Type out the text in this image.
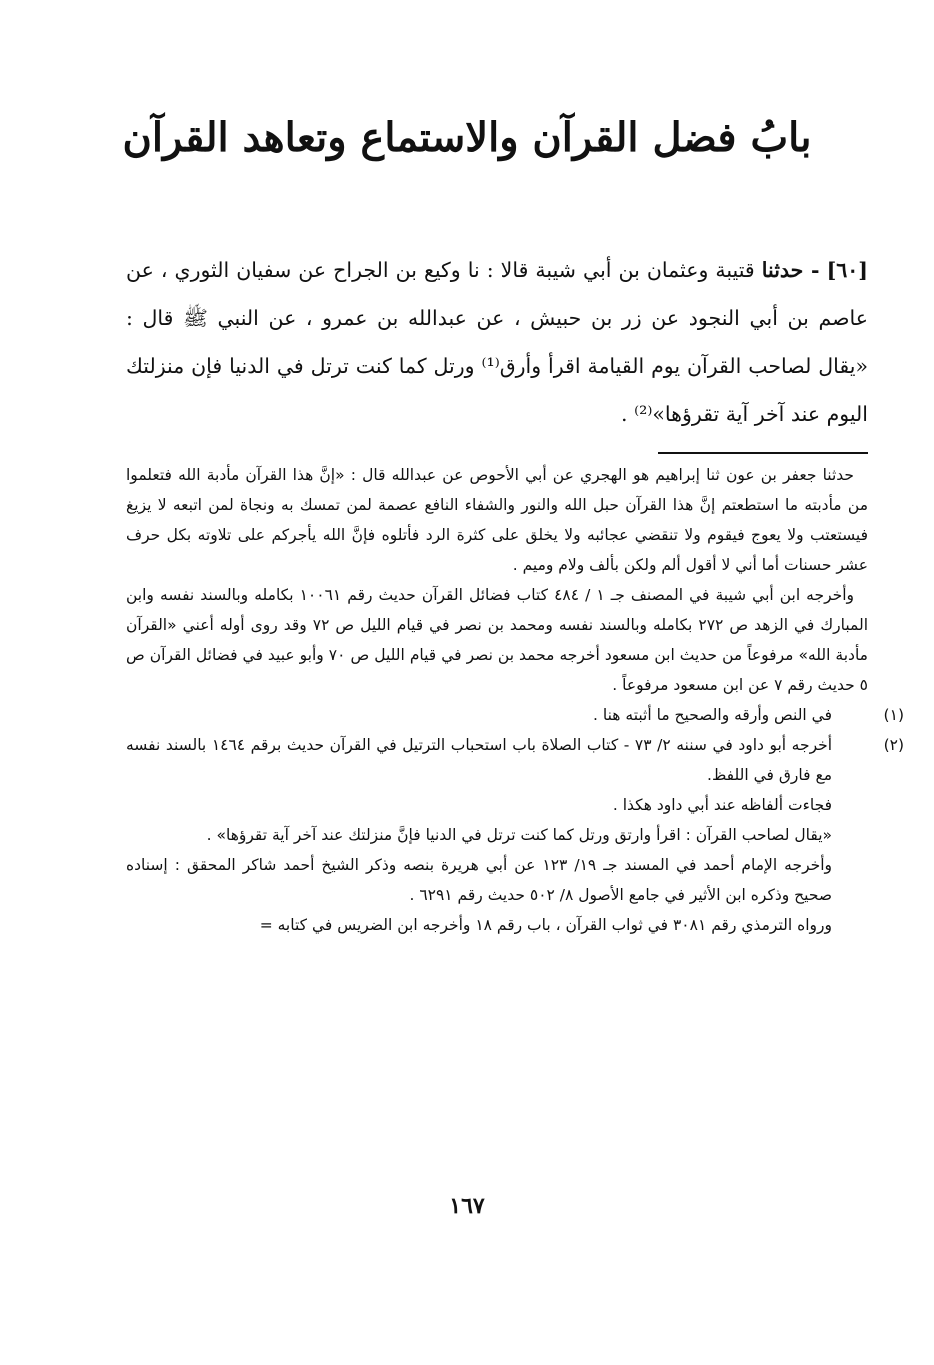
بابُ فضل القرآن والاستماع وتعاهد القرآن
[٦٠] - حدثنا قتيبة وعثمان بن أبي شيبة قالا : نا وكيع بن الجراح عن سفيان الثوري ، عن عاصم بن أبي النجود عن زر بن حبيش ، عن عبدالله بن عمرو ، عن النبي ﷺ قال : «يقال لصاحب القرآن يوم القيامة اقرأ وأرق⁽¹⁾ ورتل كما كنت ترتل في الدنيا فإن منزلتك اليوم عند آخر آية تقرؤها»⁽²⁾ .

حدثنا جعفر بن عون ثنا إبراهيم هو الهجري عن أبي الأحوص عن عبدالله قال : «إنَّ هذا القرآن مأدبة الله فتعلموا من مأدبته ما استطعتم إنَّ هذا القرآن حبل الله والنور والشفاء النافع عصمة لمن تمسك به ونجاة لمن اتبعه لا يزيغ فيستعتب ولا يعوج فيقوم ولا تنقضي عجائبه ولا يخلق على كثرة الرد فأتلوه فإنَّ الله يأجركم على تلاوته بكل حرف عشر حسنات أما أني لا أقول ألم ولكن بألف ولام وميم .

وأخرجه ابن أبي شيبة في المصنف جـ ١ / ٤٨٤ كتاب فضائل القرآن حديث رقم ١٠٠٦١ بكامله وبالسند نفسه وابن المبارك في الزهد ص ٢٧٢ بكامله وبالسند نفسه ومحمد بن نصر في قيام الليل ص ٧٢ وقد روى أوله أعني «القرآن مأدبة الله» مرفوعاً من حديث ابن مسعود أخرجه محمد بن نصر في قيام الليل ص ٧٠ وأبو عبيد في فضائل القرآن ص ٥ حديث رقم ٧ عن ابن مسعود مرفوعاً .

(١)في النص وأرقه والصحيح ما أثبته هنا .

(٢)أخرجه أبو داود في سننه ٢/ ٧٣ - كتاب الصلاة باب استحباب الترتيل في القرآن حديث برقم ١٤٦٤ بالسند نفسه مع فارق في اللفظ.

فجاءت ألفاظه عند أبي داود هكذا .

«يقال لصاحب القرآن : اقرأ وارتق ورتل كما كنت ترتل في الدنيا فإنَّ منزلتك عند آخر آية تقرؤها» .

وأخرجه الإمام أحمد في المسند جـ ١٩/ ١٢٣ عن أبي هريرة بنصه وذكر الشيخ أحمد شاكر المحقق : إسناده صحيح وذكره ابن الأثير في جامع الأصول ٨/ ٥٠٢ حديث رقم ٦٢٩١ .

ورواه الترمذي رقم ٣٠٨١ في ثواب القرآن ، باب رقم ١٨ وأخرجه ابن الضريس في كتابه =

١٦٧
